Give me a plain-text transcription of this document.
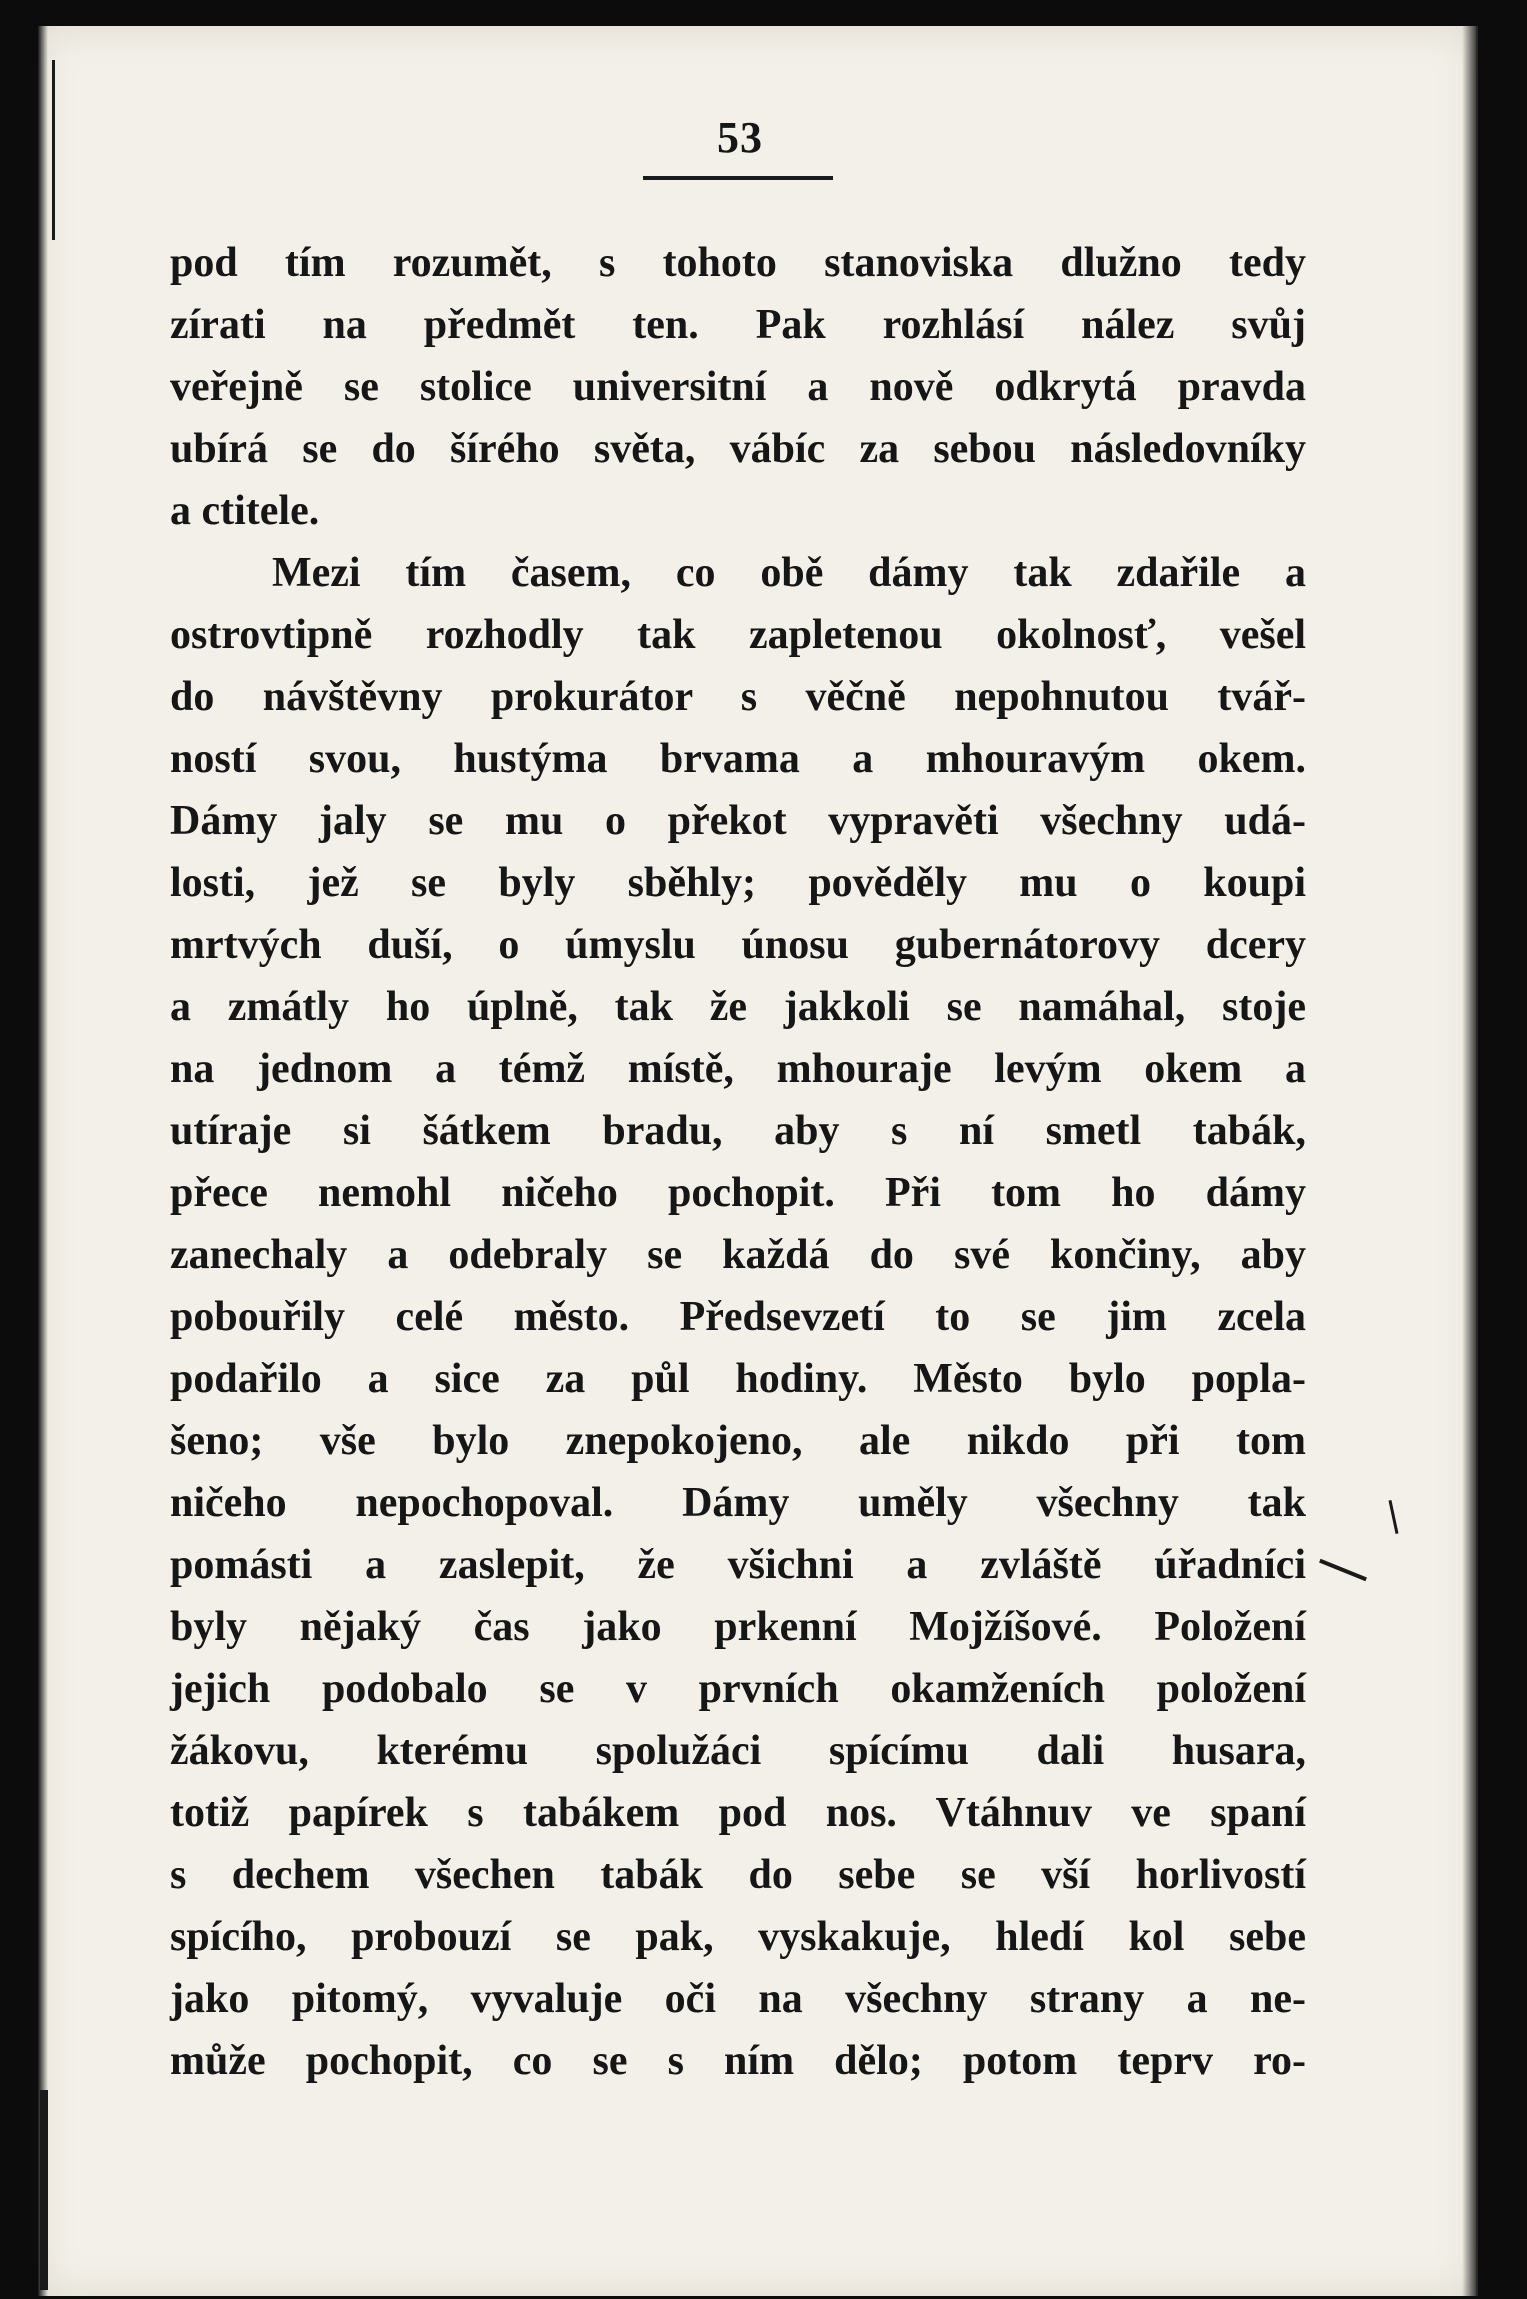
53
pod tím rozumět, s tohoto stanoviska dlužno tedy
zírati na předmět ten. Pak rozhlásí nález svůj
veřejně se stolice universitní a nově odkrytá pravda
ubírá se do šírého světa, vábíc za sebou následovníky
a ctitele.
Mezi tím časem, co obě dámy tak zdařile a
ostrovtipně rozhodly tak zapletenou okolnosť, vešel
do návštěvny prokurátor s věčně nepohnutou tvář-
ností svou, hustýma brvama a mhouravým okem.
Dámy jaly se mu o překot vypravěti všechny udá-
losti, jež se byly sběhly; pověděly mu o koupi
mrtvých duší, o úmyslu únosu gubernátorovy dcery
a zmátly ho úplně, tak že jakkoli se namáhal, stoje
na jednom a témž místě, mhouraje levým okem a
utíraje si šátkem bradu, aby s ní smetl tabák,
přece nemohl ničeho pochopit. Při tom ho dámy
zanechaly a odebraly se každá do své končiny, aby
pobouřily celé město. Předsevzetí to se jim zcela
podařilo a sice za půl hodiny. Město bylo popla-
šeno; vše bylo znepokojeno, ale nikdo při tom
ničeho nepochopoval. Dámy uměly všechny tak
pomásti a zaslepit, že všichni a zvláště úřadníci
byly nějaký čas jako prkenní Mojžíšové. Položení
jejich podobalo se v prvních okamženích položení
žákovu, kterému spolužáci spícímu dali husara,
totiž papírek s tabákem pod nos. Vtáhnuv ve spaní
s dechem všechen tabák do sebe se vší horlivostí
spícího, probouzí se pak, vyskakuje, hledí kol sebe
jako pitomý, vyvaluje oči na všechny strany a ne-
může pochopit, co se s ním dělo; potom teprv ro-
